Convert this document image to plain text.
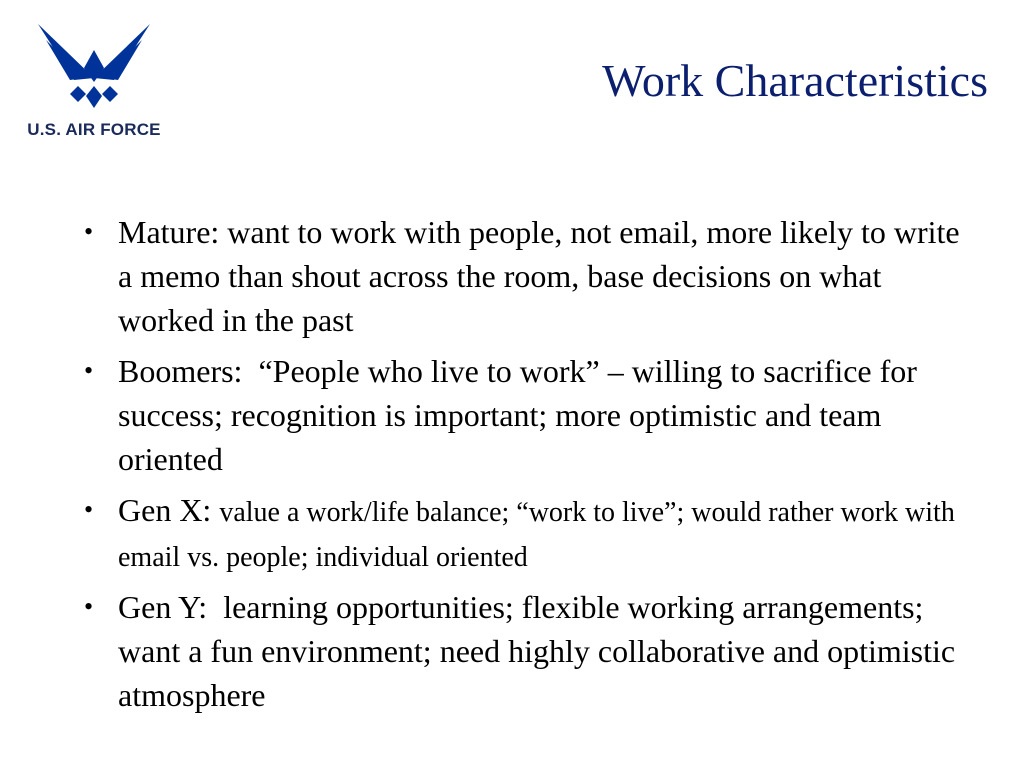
U.S. AIR FORCE
Work Characteristics
• Mature: want to work with people, not email, more likely to write a memo than shout across the room, base decisions on what worked in the past
• Boomers: “People who live to work” – willing to sacrifice for success; recognition is important; more optimistic and team oriented
• Gen X: value a work/life balance; “work to live”; would rather work with email vs. people; individual oriented
• Gen Y: learning opportunities; flexible working arrangements; want a fun environment; need highly collaborative and optimistic atmosphere
